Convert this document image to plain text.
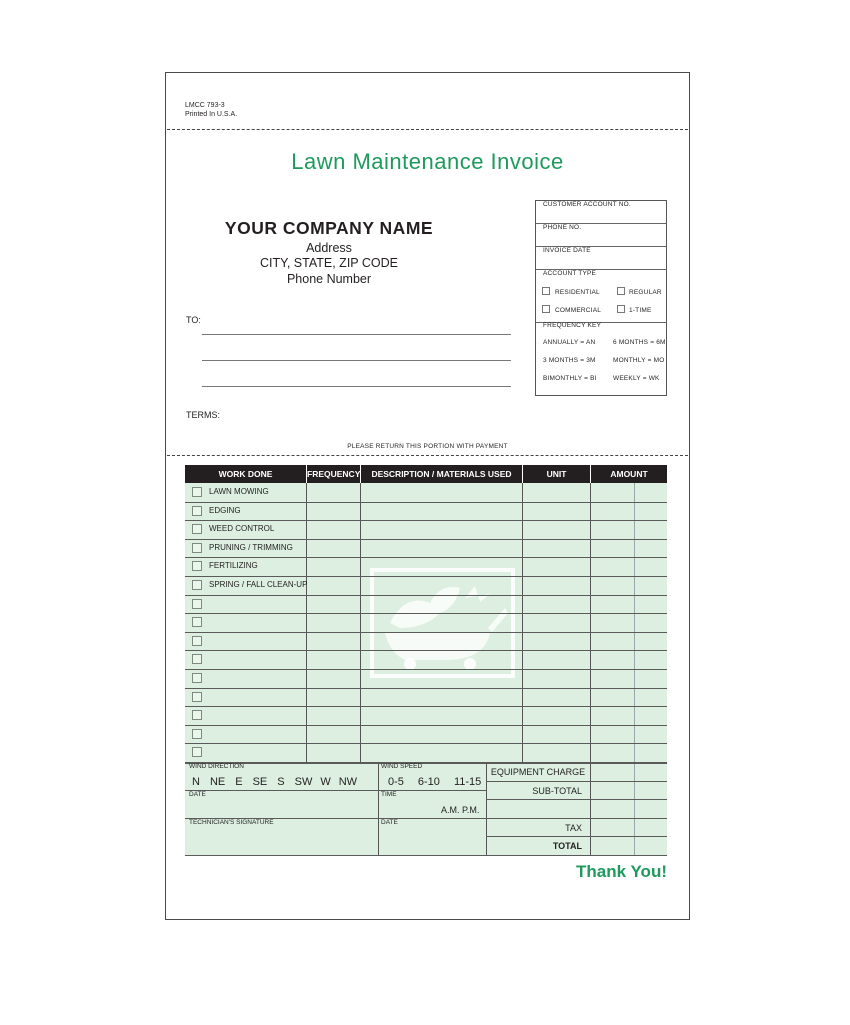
LMCC 793-3
Printed In U.S.A.
Lawn Maintenance Invoice
YOUR COMPANY NAME
Address
CITY, STATE, ZIP CODE
Phone Number
TO:
TERMS:
CUSTOMER ACCOUNT NO.
PHONE NO.
INVOICE DATE
ACCOUNT TYPE
RESIDENTIAL	REGULAR
COMMERCIAL	1-TIME
FREQUENCY KEY
ANNUALLY = AN	6 MONTHS = 6M
3 MONTHS = 3M	MONTHLY = MO
BIMONTHLY = BI	WEEKLY = WK
PLEASE RETURN THIS PORTION WITH PAYMENT
WORK DONE	FREQUENCY	DESCRIPTION / MATERIALS USED	UNIT	AMOUNT
LAWN MOWING
EDGING
WEED CONTROL
PRUNING / TRIMMING
FERTILIZING
SPRING / FALL CLEAN-UP
WIND DIRECTION
N NE E SE S SW W NW
WIND SPEED
0-5 6-10 11-15
DATE	TIME
A.M. P.M.
TECHNICIAN'S SIGNATURE	DATE
EQUIPMENT CHARGE
SUB-TOTAL
TAX
TOTAL
Thank You!
